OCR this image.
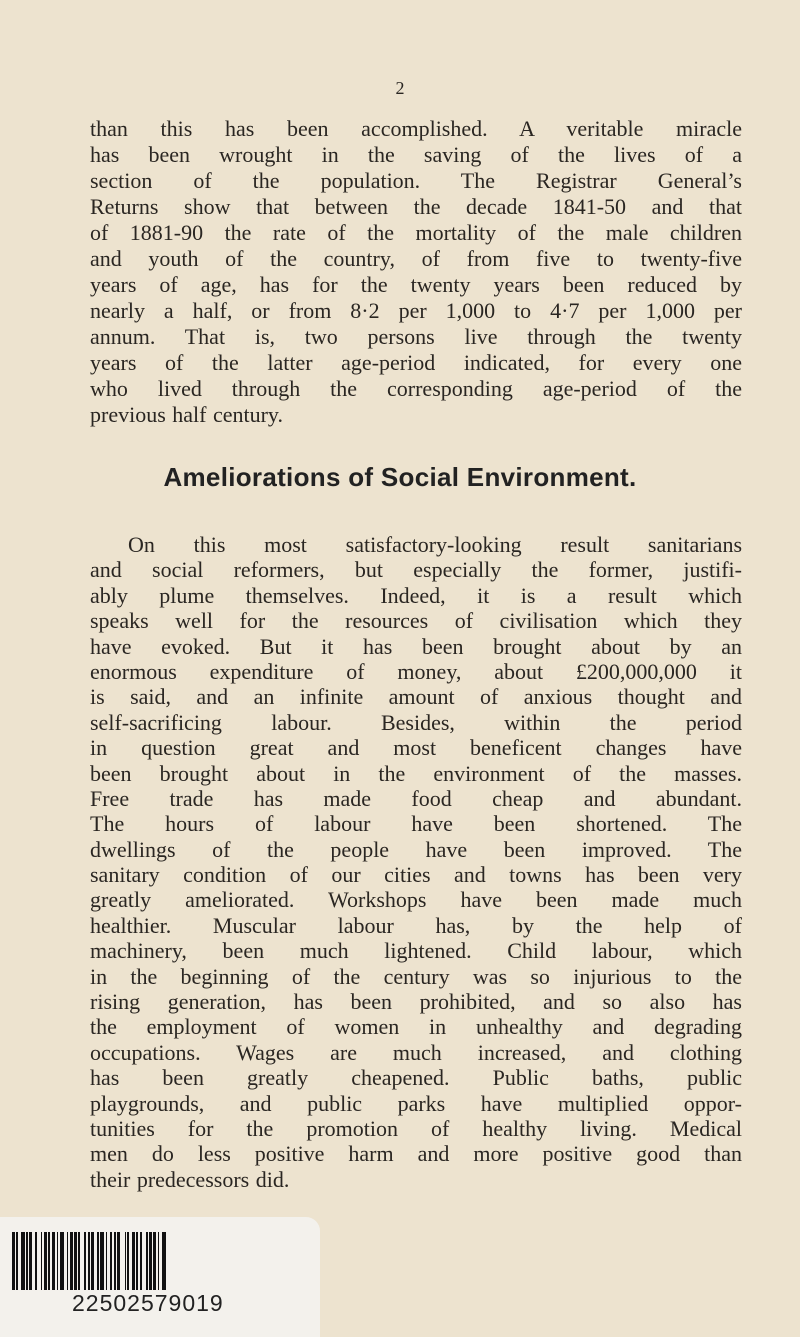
2
than this has been accomplished. A veritable miracle
has been wrought in the saving of the lives of a
section of the population. The Registrar General’s
Returns show that between the decade 1841-50 and that
of 1881-90 the rate of the mortality of the male children
and youth of the country, of from five to twenty-five
years of age, has for the twenty years been reduced by
nearly a half, or from 8·2 per 1,000 to 4·7 per 1,000 per
annum. That is, two persons live through the twenty
years of the latter age-period indicated, for every one
who lived through the corresponding age-period of the
previous half century.
Ameliorations of Social Environment.
On this most satisfactory-looking result sanitarians
and social reformers, but especially the former, justifi-
ably plume themselves. Indeed, it is a result which
speaks well for the resources of civilisation which they
have evoked. But it has been brought about by an
enormous expenditure of money, about £200,000,000 it
is said, and an infinite amount of anxious thought and
self-sacrificing labour. Besides, within the period
in question great and most beneficent changes have
been brought about in the environment of the masses.
Free trade has made food cheap and abundant.
The hours of labour have been shortened. The
dwellings of the people have been improved. The
sanitary condition of our cities and towns has been very
greatly ameliorated. Workshops have been made much
healthier. Muscular labour has, by the help of
machinery, been much lightened. Child labour, which
in the beginning of the century was so injurious to the
rising generation, has been prohibited, and so also has
the employment of women in unhealthy and degrading
occupations. Wages are much increased, and clothing
has been greatly cheapened. Public baths, public
playgrounds, and public parks have multiplied oppor-
tunities for the promotion of healthy living. Medical
men do less positive harm and more positive good than
their predecessors did.
22502579019
